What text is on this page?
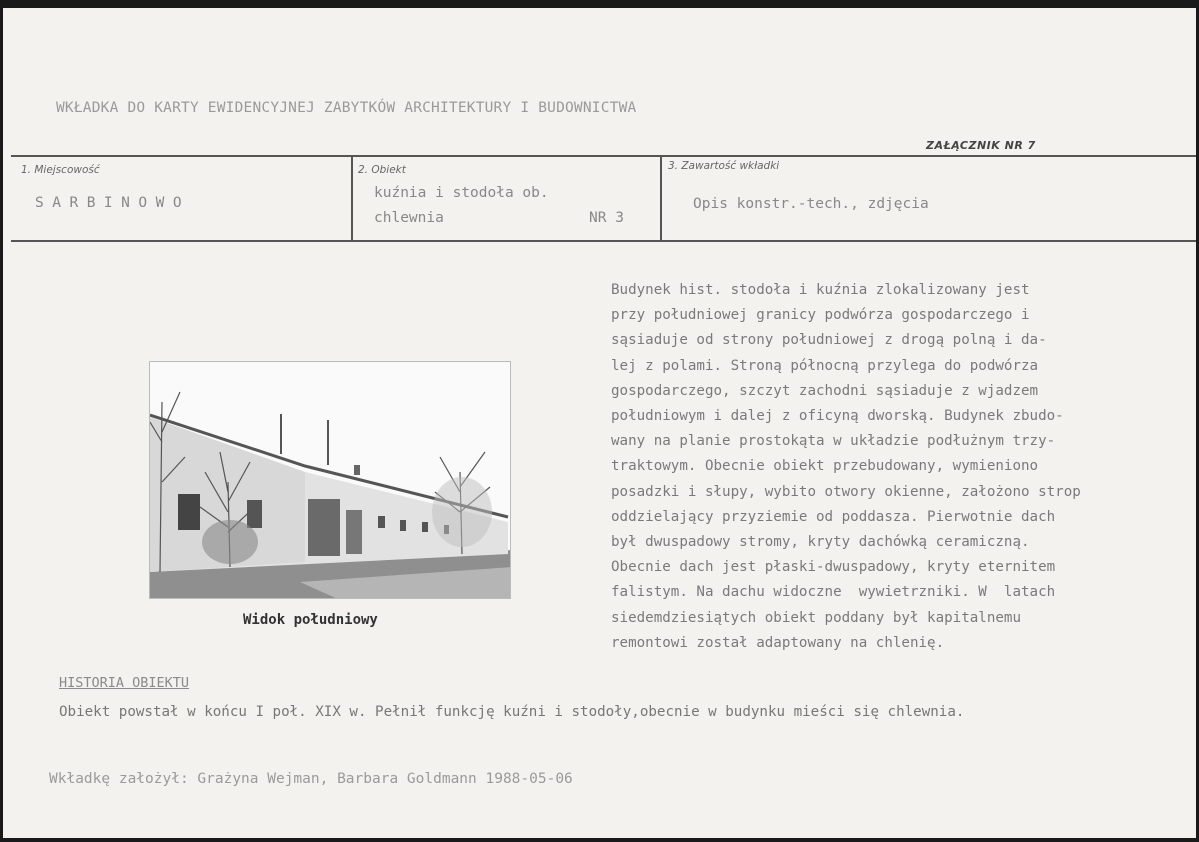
WKŁADKA DO KARTY EWIDENCYJNEJ ZABYTKÓW ARCHITEKTURY I BUDOWNICTWA
ZAŁĄCZNIK NR 7
1. Miejscowość
SARBINOWO
2. Obiekt
kuźnia i stodoła ob.
chlewnia	NR 3
3. Zawartość wkładki
Opis konstr.-tech., zdjęcia
Widok południowy

Budynek hist. stodoła i kuźnia zlokalizowany jest

przy południowej granicy podwórza gospodarczego i

sąsiaduje od strony południowej z drogą polną i da-

lej z polami. Stroną północną przylega do podwórza

gospodarczego, szczyt zachodni sąsiaduje z wjadzem

południowym i dalej z oficyną dworską. Budynek zbudo-

wany na planie prostokąta w układzie podłużnym trzy-

traktowym. Obecnie obiekt przebudowany, wymieniono

posadzki i słupy, wybito otwory okienne, założono strop

oddzielający przyziemie od poddasza. Pierwotnie dach

był dwuspadowy stromy, kryty dachówką ceramiczną.

Obecnie dach jest płaski-dwuspadowy, kryty eternitem

falistym. Na dachu widoczne  wywietrzniki. W  latach

siedemdziesiątych obiekt poddany był kapitalnemu

remontowi został adaptowany na chlenię.

HISTORIA OBIEKTU
Obiekt powstał w końcu I poł. XIX w. Pełnił funkcję kuźni i stodoły,obecnie w budynku mieści się chlewnia.
Wkładkę założył: Grażyna Wejman, Barbara Goldmann 1988-05-06
